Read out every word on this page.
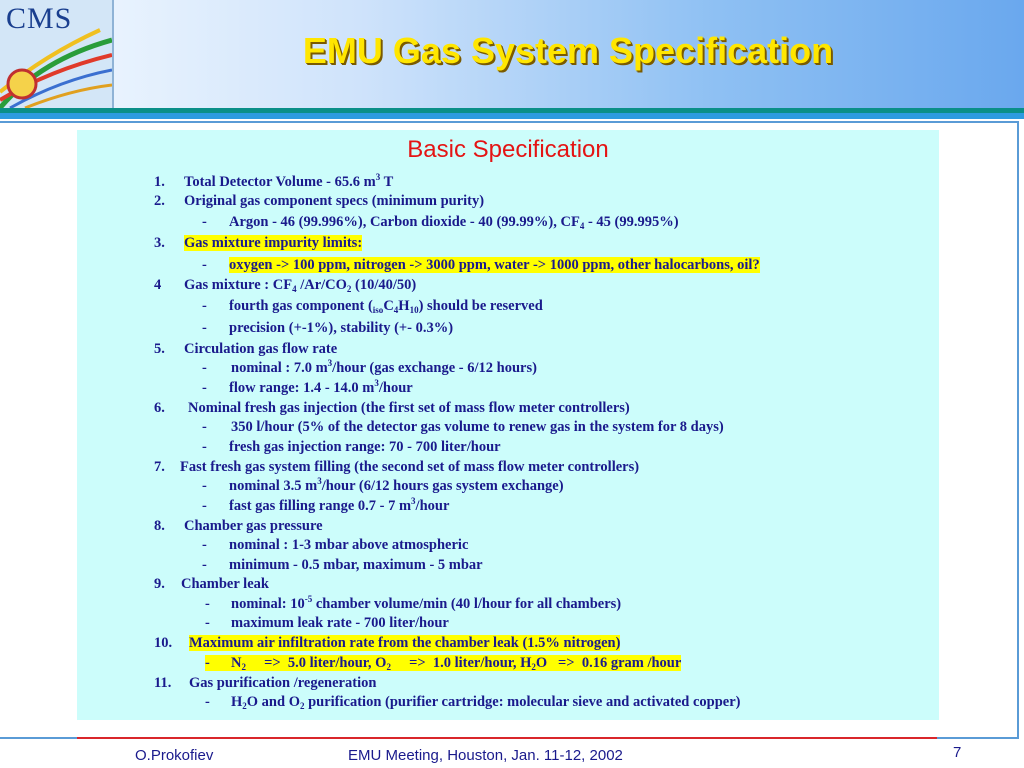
CMS
EMU Gas System Specification
Basic Specification
1. Total Detector Volume - 65.6 $m^3$ T
2. Original gas component specs (minimum purity)
- Argon - 46 (99.996%), Carbon dioxide - 40 (99.99%), $CF_4 - 45$ (99.995%)
3. Gas mixture impurity limits:
- oxygen -> 100 ppm, nitrogen -> 3000 ppm, water -> 1000 ppm, other halocarbons, oil?
4 Gas mixture : $CF_4$ $/Ar/CO_2$ (10/40/50)
- fourth gas component $(_{iso}C_4H_{10})$ should be reserved
- precision (+-1%), stability (+- 0.3%)
5. Circulation gas flow rate
- nominal : 7.0 $m^3$/hour (gas exchange - 6/12 hours)
- flow range: 1.4 - 14.0 $m^3$/hour
6. Nominal fresh gas injection (the first set of mass flow meter controllers)
- 350 l/hour (5% of the detector gas volume to renew gas in the system for 8 days)
- fresh gas injection range: 70 - 700 liter/hour
7. Fast fresh gas system filling (the second set of mass flow meter controllers)
- nominal 3.5 $m^3$/hour (6/12 hours gas system exchange)
- fast gas filling range 0.7 - 7 $m^3$/hour
8. Chamber gas pressure
- nominal : 1-3 mbar above atmospheric
- minimum - 0.5 mbar, maximum - 5 mbar
9. Chamber leak
- nominal: $10^{-5}$ chamber volume/min (40 l/hour for all chambers)
- maximum leak rate - 700 liter/hour
10. Maximum air infiltration rate from the chamber leak (1.5% nitrogen)
- $N_2$     =>  5.0 liter/hour, $O_2$     =>  1.0 liter/hour, $H_2O => 0.16$ gram /hour
11. Gas purification /regeneration
- $H_2O$ and $O_2$ purification (purifier cartridge: molecular sieve and activated copper)
O.Prokofiev	EMU Meeting, Houston, Jan. 11-12, 2002	7
